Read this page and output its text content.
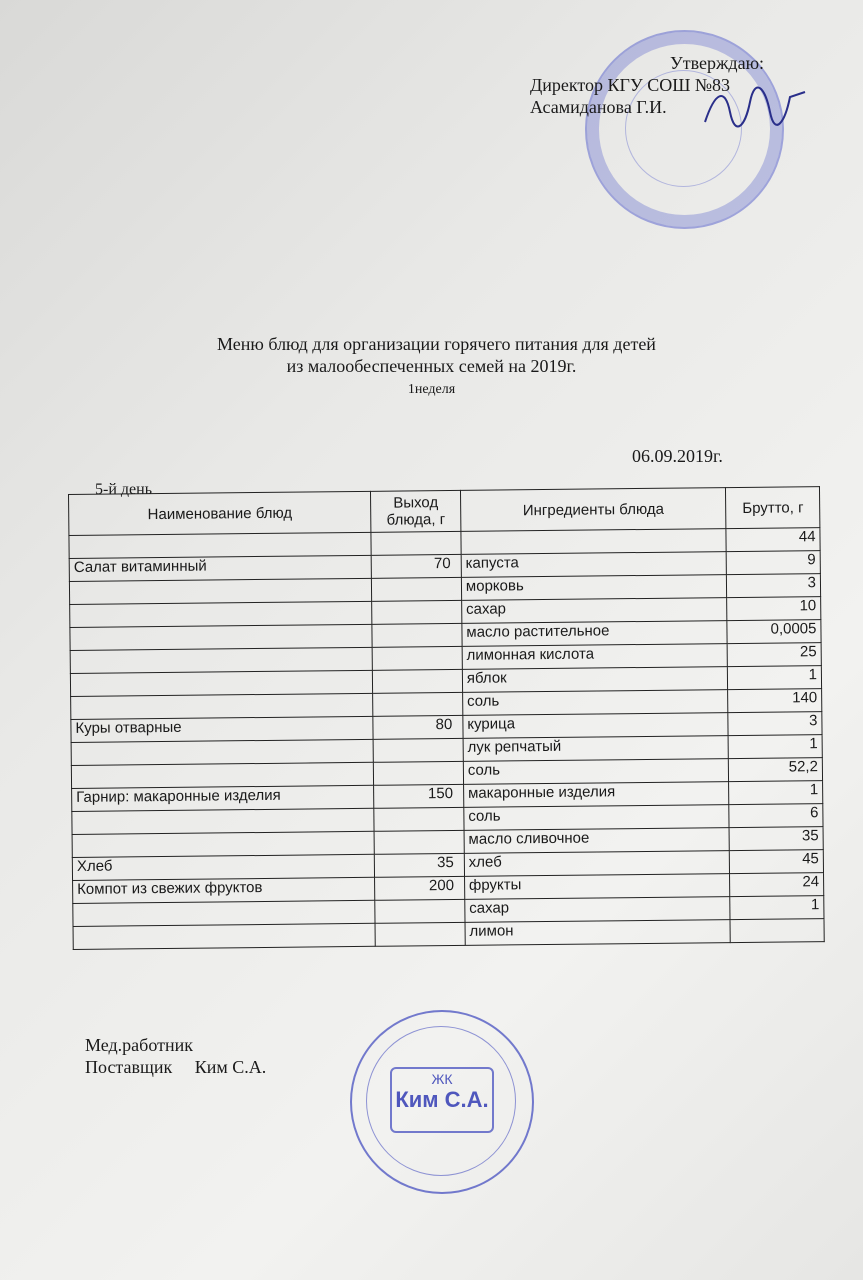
Утверждаю:
Директор КГУ СОШ №83
Асамиданова Г.И.
Меню блюд для организации горячего питания для детей
из малообеспеченных семей на 2019г.
1неделя
06.09.2019г.
5-й день
Наименование блюд	Выход блюда, г	Ингредиенты блюда	Брутто, г
			44
Салат витаминный	70	капуста	9
		морковь	3
		сахар	10
		масло растительное	0,0005
		лимонная кислота	25
		яблок	1
		соль	140
Куры отварные	80	курица	3
		лук репчатый	1
		соль	52,2
Гарнир: макаронные изделия	150	макаронные изделия	1
		соль	6
		масло сливочное	35
Хлеб	35	хлеб	45
Компот из свежих фруктов	200	фрукты	24
		сахар	1
		лимон	
Мед.работник
Поставщик Ким С.А.
ЖК
Ким С.А.
